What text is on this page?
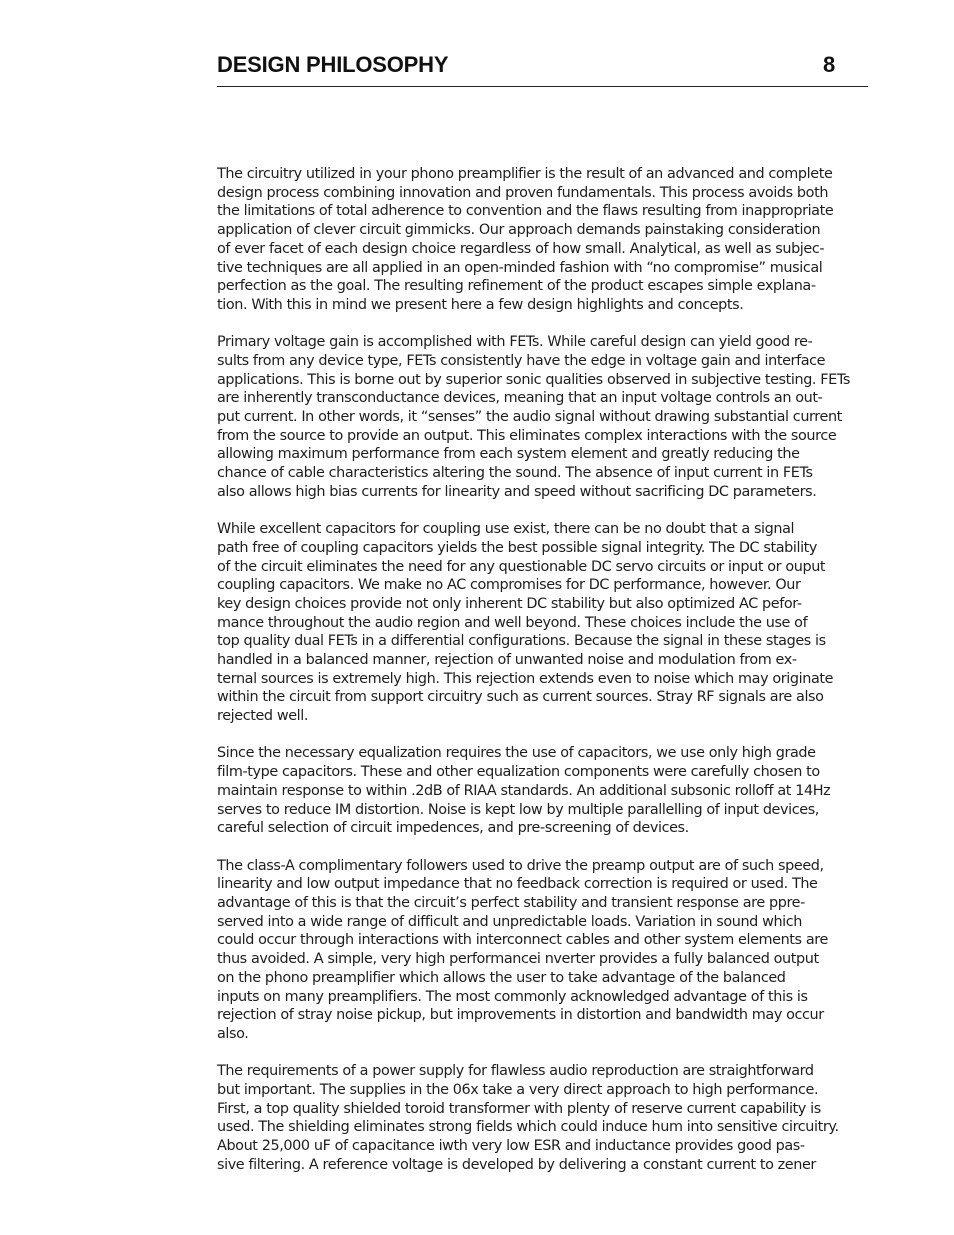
DESIGN PHILOSOPHY	8
The circuitry utilized in your phono preamplifier is the result of an advanced and complete
design process combining innovation and proven fundamentals. This process avoids both
the limitations of total adherence to convention and the flaws resulting from inappropriate
application of clever circuit gimmicks. Our approach demands painstaking consideration
of ever facet of each design choice regardless of how small. Analytical, as well as subjec-
tive techniques are all applied in an open-minded fashion with “no compromise” musical
perfection as the goal. The resulting refinement of the product escapes simple explana-
tion. With this in mind we present here a few design highlights and concepts.
Primary voltage gain is accomplished with FETs. While careful design can yield good re-
sults from any device type, FETs consistently have the edge in voltage gain and interface
applications. This is borne out by superior sonic qualities observed in subjective testing. FETs
are inherently transconductance devices, meaning that an input voltage controls an out-
put current. In other words, it “senses” the audio signal without drawing substantial current
from the source to provide an output. This eliminates complex interactions with the source
allowing maximum performance from each system element and greatly reducing the
chance of cable characteristics altering the sound. The absence of input current in FETs
also allows high bias currents for linearity and speed without sacrificing DC parameters.
While excellent capacitors for coupling use exist, there can be no doubt that a signal
path free of coupling capacitors yields the best possible signal integrity. The DC stability
of the circuit eliminates the need for any questionable DC servo circuits or input or ouput
coupling capacitors. We make no AC compromises for DC performance, however. Our
key design choices provide not only inherent DC stability but also optimized AC pefor-
mance throughout the audio region and well beyond. These choices include the use of
top quality dual FETs in a differential configurations. Because the signal in these stages is
handled in a balanced manner, rejection of unwanted noise and modulation from ex-
ternal sources is extremely high. This rejection extends even to noise which may originate
within the circuit from support circuitry such as current sources. Stray RF signals are also
rejected well.
Since the necessary equalization requires the use of capacitors, we use only high grade
film-type capacitors. These and other equalization components were carefully chosen to
maintain response to within .2dB of RIAA standards. An additional subsonic rolloff at 14Hz
serves to reduce IM distortion. Noise is kept low by multiple parallelling of input devices,
careful selection of circuit impedences, and pre-screening of devices.
The class-A complimentary followers used to drive the preamp output are of such speed,
linearity and low output impedance that no feedback correction is required or used. The
advantage of this is that the circuit’s perfect stability and transient response are ppre-
served into a wide range of difficult and unpredictable loads. Variation in sound which
could occur through interactions with interconnect cables and other system elements are
thus avoided. A simple, very high performancei nverter provides a fully balanced output
on the phono preamplifier which allows the user to take advantage of the balanced
inputs on many preamplifiers. The most commonly acknowledged advantage of this is
rejection of stray noise pickup, but improvements in distortion and bandwidth may occur
also.
The requirements of a power supply for flawless audio reproduction are straightforward
but important. The supplies in the 06x take a very direct approach to high performance.
First, a top quality shielded toroid transformer with plenty of reserve current capability is
used. The shielding eliminates strong fields which could induce hum into sensitive circuitry.
About 25,000 uF of capacitance iwth very low ESR and inductance provides good pas-
sive filtering. A reference voltage is developed by delivering a constant current to zener
